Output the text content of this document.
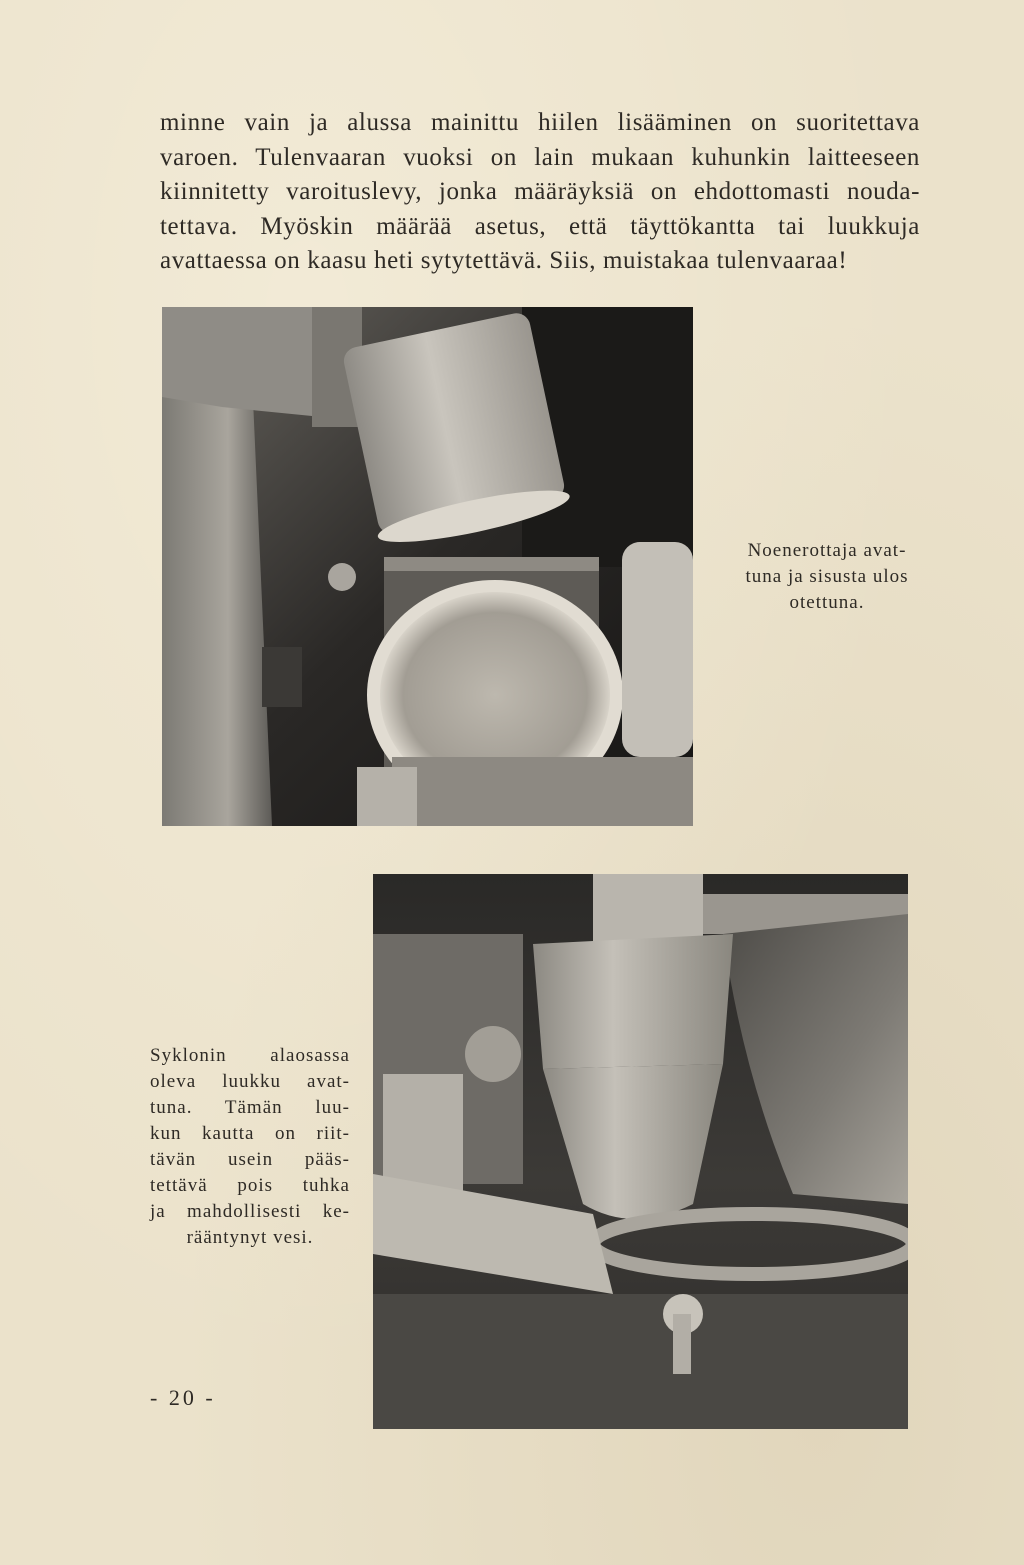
minne vain ja alussa mainittu hiilen lisääminen on suoritettava
varoen. Tulenvaaran vuoksi on lain mukaan kuhunkin laitteeseen
kiinnitetty varoituslevy, jonka määräyksiä on ehdottomasti nouda-
tettava. Myöskin määrää asetus, että täyttökantta tai luukkuja
avattaessa on kaasu heti sytytettävä. Siis, muistakaa tulenvaaraa!

Noenerottaja avat-
tuna ja sisusta ulos
otettuna.

Syklonin alaosassa
oleva luukku avat-
tuna. Tämän luu-
kun kautta on riit-
tävän usein pääs-
tettävä pois tuhka
ja mahdollisesti ke-
rääntynyt vesi.

- 20 -
